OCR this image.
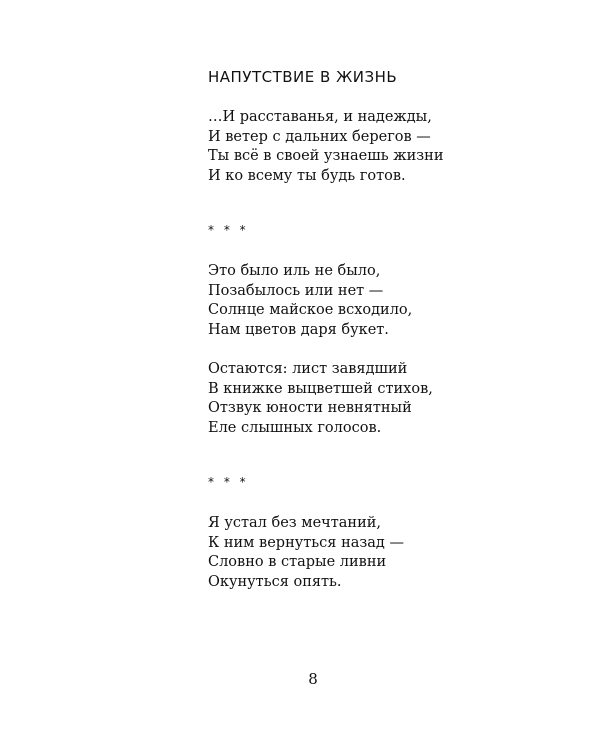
НАПУТСТВИЕ В ЖИЗНЬ

…И расставанья, и надежды,
И ветер с дальних берегов —
Ты всё в своей узнаешь жизни
И ко всему ты будь готов.

* * *

Это было иль не было,
Позабылось или нет —
Солнце майское всходило,
Нам цветов даря букет.

Остаются: лист завядший
В книжке выцветшей стихов,
Отзвук юности невнятный
Еле слышных голосов.

* * *

Я устал без мечтаний,
К ним вернуться назад —
Словно в старые ливни
Окунуться опять.

8
